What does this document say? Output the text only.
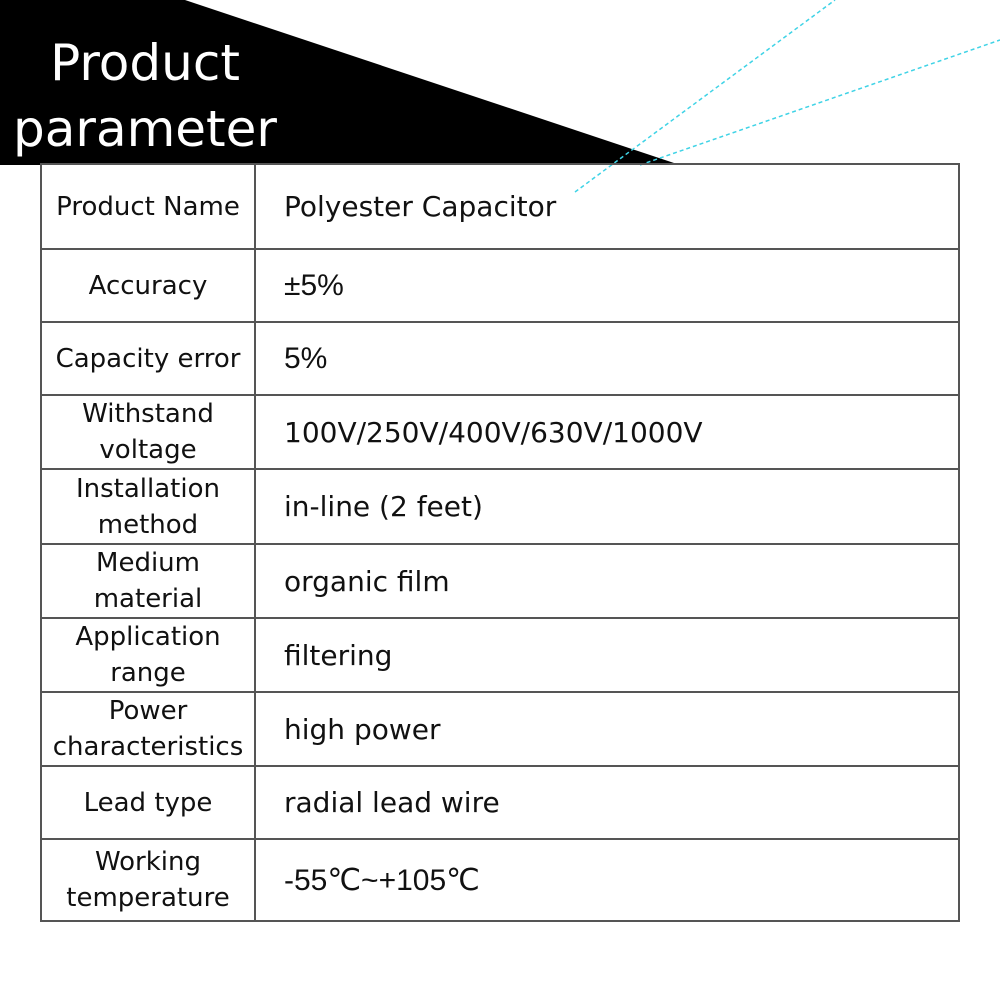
Product
parameter
Product Name	Polyester Capacitor
Accuracy	±5%
Capacity error	5%
Withstand
voltage	100V/250V/400V/630V/1000V
Installation
method	in-line (2 feet)
Medium
material	organic film
Application
range	filtering
Power
characteristics	high power
Lead type	radial lead wire
Working
temperature	-55℃~+105℃
